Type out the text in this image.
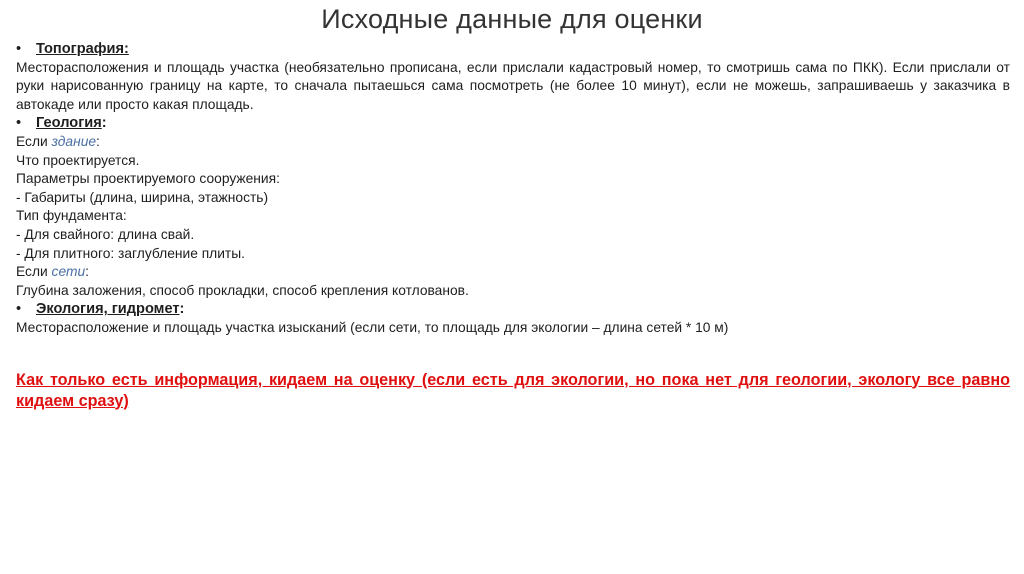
Исходные данные для оценки
• Топография:
Месторасположения и площадь участка (необязательно прописана, если прислали кадастровый номер, то смотришь сама по ПКК). Если прислали от руки нарисованную границу на карте, то сначала пытаешься сама посмотреть (не более 10 минут), если не можешь, запрашиваешь у заказчика в автокаде или просто какая площадь.
• Геология:
Если здание:
Что проектируется.
Параметры проектируемого сооружения:
- Габариты (длина, ширина, этажность)
Тип фундамента:
- Для свайного: длина свай.
- Для плитного: заглубление плиты.
Если сети:
Глубина заложения, способ прокладки, способ крепления котлованов.
• Экология, гидромет:
Месторасположение и площадь участка изысканий (если сети, то площадь для экологии – длина сетей * 10 м)
Как только есть информация, кидаем на оценку (если есть для экологии, но пока нет для геологии, экологу все равно кидаем сразу)
